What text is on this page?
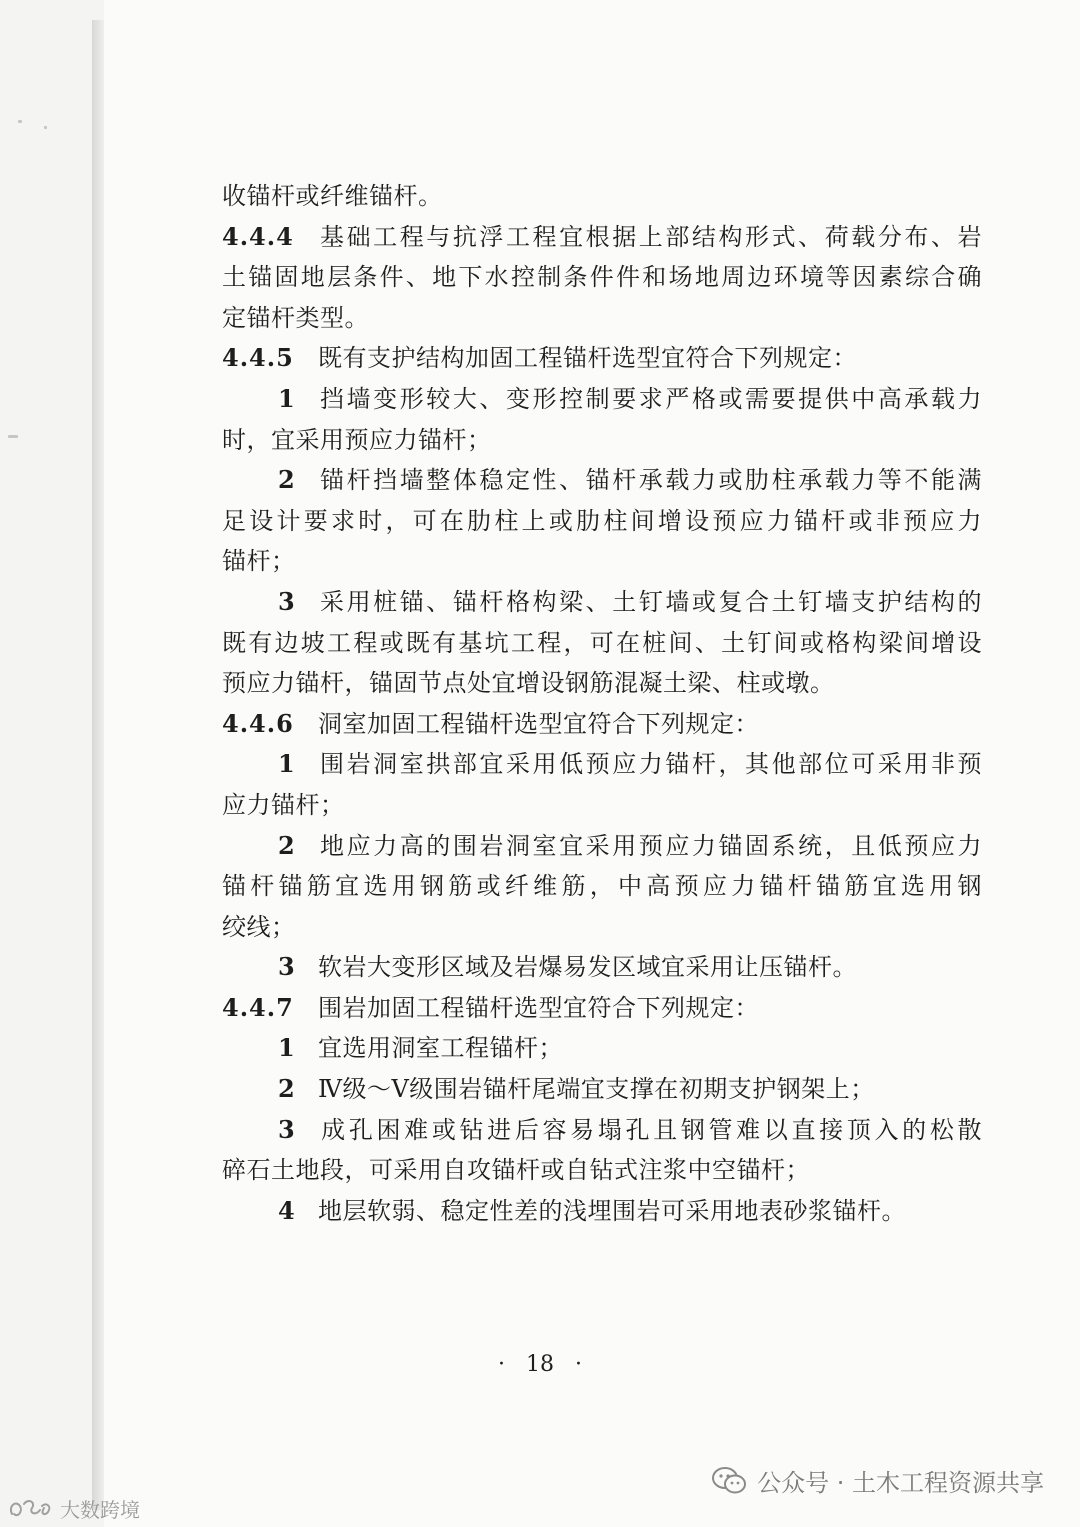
收锚杆或纤维锚杆。
4.4.4 基础工程与抗浮工程宜根据上部结构形式、荷载分布、岩
土锚固地层条件、地下水控制条件件和场地周边环境等因素综合确
定锚杆类型。
4.4.5 既有支护结构加固工程锚杆选型宜符合下列规定：
1 挡墙变形较大、变形控制要求严格或需要提供中高承载力
时，宜采用预应力锚杆；
2 锚杆挡墙整体稳定性、锚杆承载力或肋柱承载力等不能满
足设计要求时，可在肋柱上或肋柱间增设预应力锚杆或非预应力
锚杆；
3 采用桩锚、锚杆格构梁、土钉墙或复合土钉墙支护结构的
既有边坡工程或既有基坑工程，可在桩间、土钉间或格构梁间增设
预应力锚杆，锚固节点处宜增设钢筋混凝土梁、柱或墩。
4.4.6 洞室加固工程锚杆选型宜符合下列规定：
1 围岩洞室拱部宜采用低预应力锚杆，其他部位可采用非预
应力锚杆；
2 地应力高的围岩洞室宜采用预应力锚固系统，且低预应力
锚杆锚筋宜选用钢筋或纤维筋，中高预应力锚杆锚筋宜选用钢
绞线；
3 软岩大变形区域及岩爆易发区域宜采用让压锚杆。
4.4.7 围岩加固工程锚杆选型宜符合下列规定：
1 宜选用洞室工程锚杆；
2 Ⅳ级～Ⅴ级围岩锚杆尾端宜支撑在初期支护钢架上；
3 成孔困难或钻进后容易塌孔且钢管难以直接顶入的松散
碎石土地段，可采用自攻锚杆或自钻式注浆中空锚杆；
4 地层软弱、稳定性差的浅埋围岩可采用地表砂浆锚杆。
· 18 ·
公众号 · 土木工程资源共享
大数跨境
